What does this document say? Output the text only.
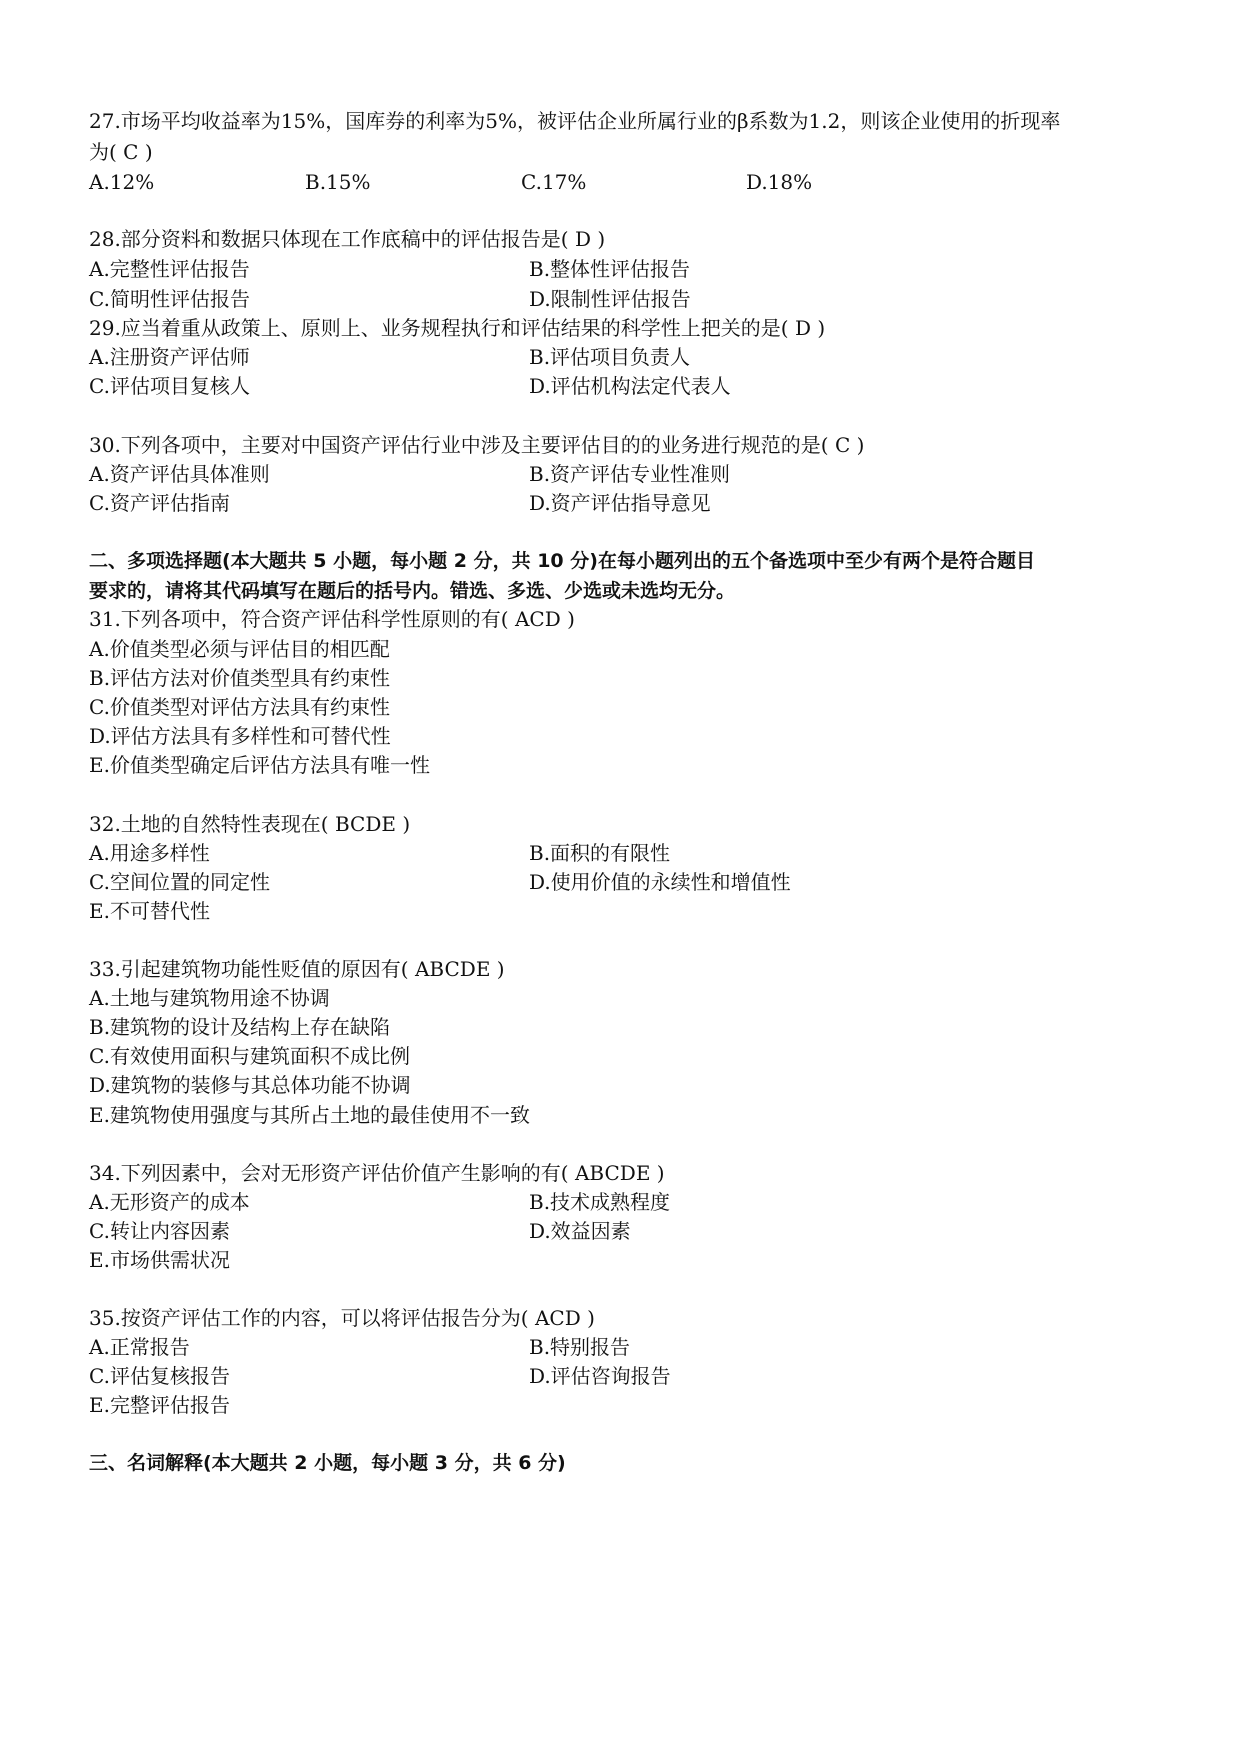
27.市场平均收益率为15%，国库券的利率为5%，被评估企业所属行业的β系数为1.2，则该企业使用的折现率
为( C )
A.12%	B.15%	C.17%	D.18%
28.部分资料和数据只体现在工作底稿中的评估报告是( D )
A.完整性评估报告	B.整体性评估报告
C.简明性评估报告	D.限制性评估报告
29.应当着重从政策上、原则上、业务规程执行和评估结果的科学性上把关的是( D )
A.注册资产评估师	B.评估项目负责人
C.评估项目复核人	D.评估机构法定代表人
30.下列各项中，主要对中国资产评估行业中涉及主要评估目的的业务进行规范的是( C )
A.资产评估具体准则	B.资产评估专业性准则
C.资产评估指南	D.资产评估指导意见
二、多项选择题(本大题共 5 小题，每小题 2 分，共 10 分)在每小题列出的五个备选项中至少有两个是符合题目
要求的，请将其代码填写在题后的括号内。错选、多选、少选或未选均无分。
31.下列各项中，符合资产评估科学性原则的有( ACD )
A.价值类型必须与评估目的相匹配
B.评估方法对价值类型具有约束性
C.价值类型对评估方法具有约束性
D.评估方法具有多样性和可替代性
E.价值类型确定后评估方法具有唯一性
32.土地的自然特性表现在( BCDE )
A.用途多样性	B.面积的有限性
C.空间位置的同定性	D.使用价值的永续性和增值性
E.不可替代性
33.引起建筑物功能性贬值的原因有( ABCDE )
A.土地与建筑物用途不协调
B.建筑物的设计及结构上存在缺陷
C.有效使用面积与建筑面积不成比例
D.建筑物的装修与其总体功能不协调
E.建筑物使用强度与其所占土地的最佳使用不一致
34.下列因素中，会对无形资产评估价值产生影响的有( ABCDE )
A.无形资产的成本	B.技术成熟程度
C.转让内容因素	D.效益因素
E.市场供需状况
35.按资产评估工作的内容，可以将评估报告分为( ACD )
A.正常报告	B.特别报告
C.评估复核报告	D.评估咨询报告
E.完整评估报告
三、名词解释(本大题共 2 小题，每小题 3 分，共 6 分)
